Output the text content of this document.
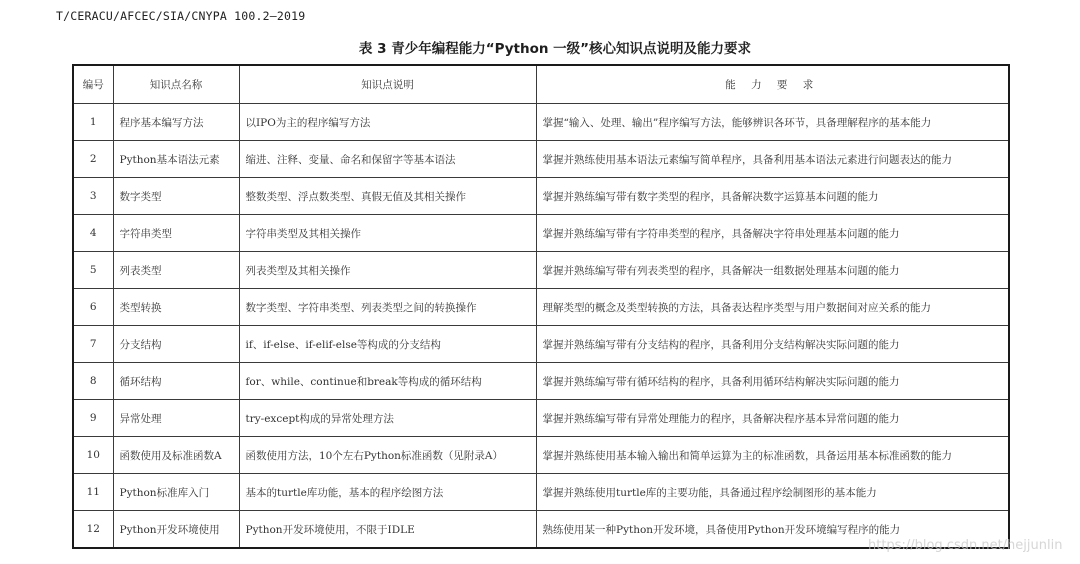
T/CERACU/AFCEC/SIA/CNYPA 100.2—2019
表 3 青少年编程能力“Python 一级”核心知识点说明及能力要求
编号	知识点名称	知识点说明	能 力 要 求
1	程序基本编写方法	以IPO为主的程序编写方法	掌握“输入、处理、输出”程序编写方法，能够辨识各环节，具备理解程序的基本能力
2	Python基本语法元素	缩进、注释、变量、命名和保留字等基本语法	掌握并熟练使用基本语法元素编写简单程序，具备利用基本语法元素进行问题表达的能力
3	数字类型	整数类型、浮点数类型、真假无值及其相关操作	掌握并熟练编写带有数字类型的程序，具备解决数字运算基本问题的能力
4	字符串类型	字符串类型及其相关操作	掌握并熟练编写带有字符串类型的程序，具备解决字符串处理基本问题的能力
5	列表类型	列表类型及其相关操作	掌握并熟练编写带有列表类型的程序，具备解决一组数据处理基本问题的能力
6	类型转换	数字类型、字符串类型、列表类型之间的转换操作	理解类型的概念及类型转换的方法，具备表达程序类型与用户数据间对应关系的能力
7	分支结构	if、if-else、if-elif-else等构成的分支结构	掌握并熟练编写带有分支结构的程序，具备利用分支结构解决实际问题的能力
8	循环结构	for、while、continue和break等构成的循环结构	掌握并熟练编写带有循环结构的程序，具备利用循环结构解决实际问题的能力
9	异常处理	try-except构成的异常处理方法	掌握并熟练编写带有异常处理能力的程序，具备解决程序基本异常问题的能力
10	函数使用及标准函数A	函数使用方法，10个左右Python标准函数（见附录A）	掌握并熟练使用基本输入输出和简单运算为主的标准函数，具备运用基本标准函数的能力
11	Python标准库入门	基本的turtle库功能，基本的程序绘图方法	掌握并熟练使用turtle库的主要功能，具备通过程序绘制图形的基本能力
12	Python开发环境使用	Python开发环境使用，不限于IDLE	熟练使用某一种Python开发环境，具备使用Python开发环境编写程序的能力
https://blog.csdn.net/hejjunlin
